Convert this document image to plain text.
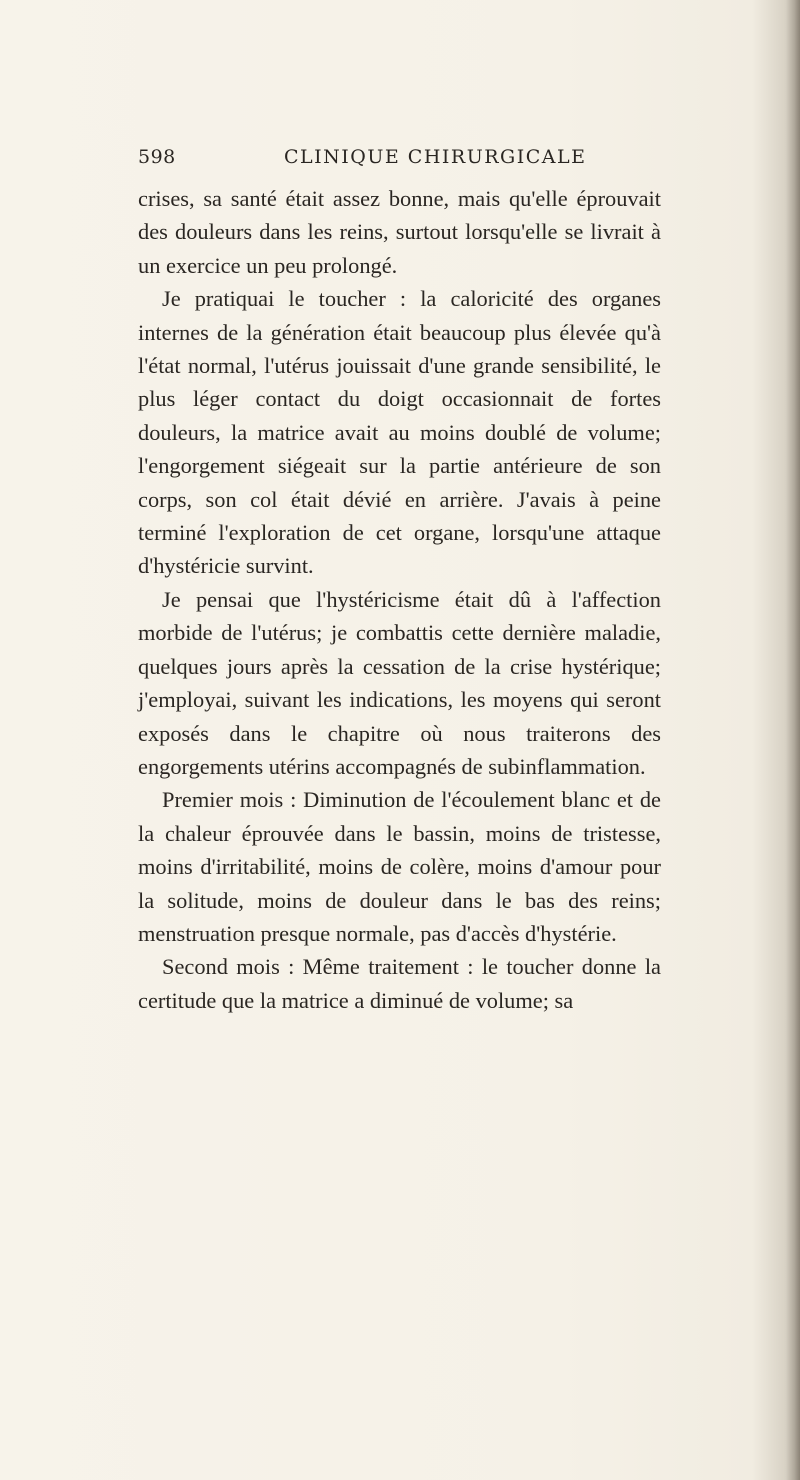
598	CLINIQUE CHIRURGICALE

crises, sa santé était assez bonne, mais qu'elle éprouvait des douleurs dans les reins, surtout lorsqu'elle se livrait à un exercice un peu prolongé.

Je pratiquai le toucher : la caloricité des organes internes de la génération était beaucoup plus élevée qu'à l'état normal, l'utérus jouissait d'une grande sensibilité, le plus léger contact du doigt occasionnait de fortes douleurs, la matrice avait au moins doublé de volume; l'engorgement siégeait sur la partie antérieure de son corps, son col était dévié en arrière. J'avais à peine terminé l'exploration de cet organe, lorsqu'une attaque d'hystéricie survint.

Je pensai que l'hystéricisme était dû à l'affection morbide de l'utérus; je combattis cette dernière maladie, quelques jours après la cessation de la crise hystérique; j'employai, suivant les indications, les moyens qui seront exposés dans le chapitre où nous traiterons des engorgements utérins accompagnés de subinflammation.

Premier mois : Diminution de l'écoulement blanc et de la chaleur éprouvée dans le bassin, moins de tristesse, moins d'irritabilité, moins de colère, moins d'amour pour la solitude, moins de douleur dans le bas des reins; menstruation presque normale, pas d'accès d'hystérie.

Second mois : Même traitement : le toucher donne la certitude que la matrice a diminué de volume; sa
